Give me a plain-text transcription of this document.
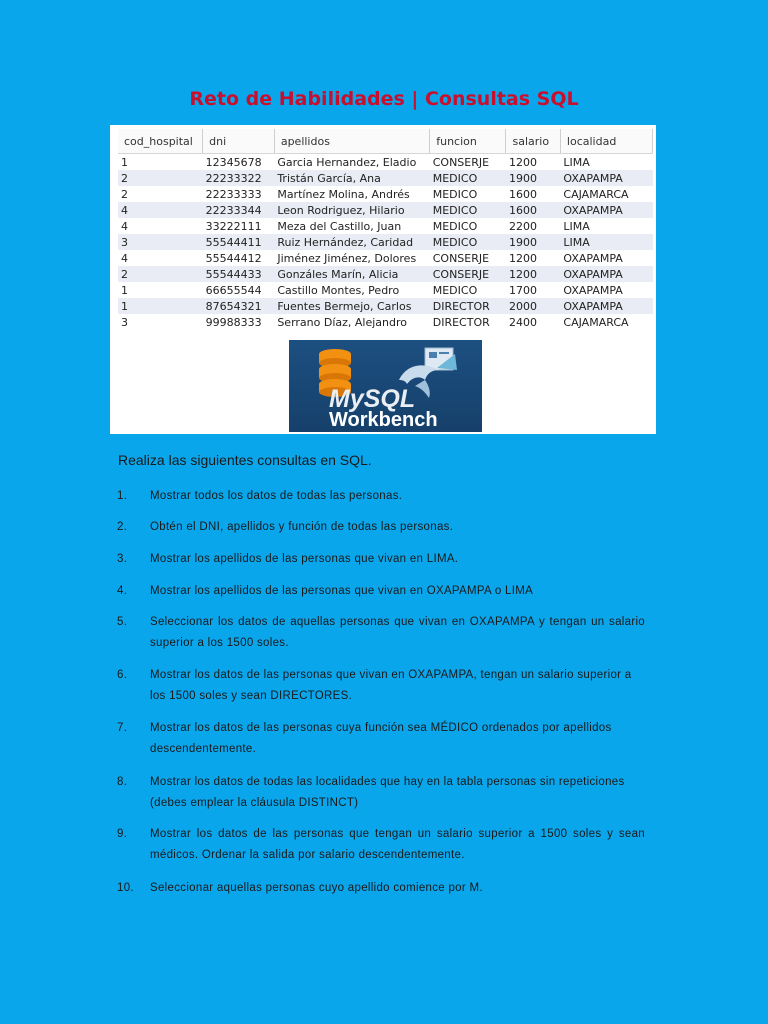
Reto de Habilidades | Consultas SQL
cod_hospital	dni	apellidos	funcion	salario	localidad
1	12345678	Garcia Hernandez, Eladio	CONSERJE	1200	LIMA
2	22233322	Tristán García, Ana	MEDICO	1900	OXAPAMPA
2	22233333	Martínez Molina, Andrés	MEDICO	1600	CAJAMARCA
4	22233344	Leon Rodriguez, Hilario	MEDICO	1600	OXAPAMPA
4	33222111	Meza del Castillo, Juan	MEDICO	2200	LIMA
3	55544411	Ruiz Hernández, Caridad	MEDICO	1900	LIMA
4	55544412	Jiménez Jiménez, Dolores	CONSERJE	1200	OXAPAMPA
2	55544433	Gonzáles Marín, Alicia	CONSERJE	1200	OXAPAMPA
1	66655544	Castillo Montes, Pedro	MEDICO	1700	OXAPAMPA
1	87654321	Fuentes Bermejo, Carlos	DIRECTOR	2000	OXAPAMPA
3	99988333	Serrano Díaz, Alejandro	DIRECTOR	2400	CAJAMARCA
MySQL
Workbench
Realiza las siguientes consultas en SQL.
1. Mostrar todos los datos de todas las personas.
2. Obtén el DNI, apellidos y función de todas las personas.
3. Mostrar los apellidos de las personas que vivan en LIMA.
4. Mostrar los apellidos de las personas que vivan en OXAPAMPA o LIMA
5. Seleccionar los datos de aquellas personas que vivan en OXAPAMPA y tengan un salario superior a los 1500 soles.
6. Mostrar los datos de las personas que vivan en OXAPAMPA, tengan un salario superior a los 1500 soles y sean DIRECTORES.
7. Mostrar los datos de las personas cuya función sea MÉDICO ordenados por apellidos descendentemente.
8. Mostrar los datos de todas las localidades que hay en la tabla personas sin repeticiones (debes emplear la cláusula DISTINCT)
9. Mostrar los datos de las personas que tengan un salario superior a 1500 soles y sean médicos. Ordenar la salida por salario descendentemente.
10. Seleccionar aquellas personas cuyo apellido comience por M.
